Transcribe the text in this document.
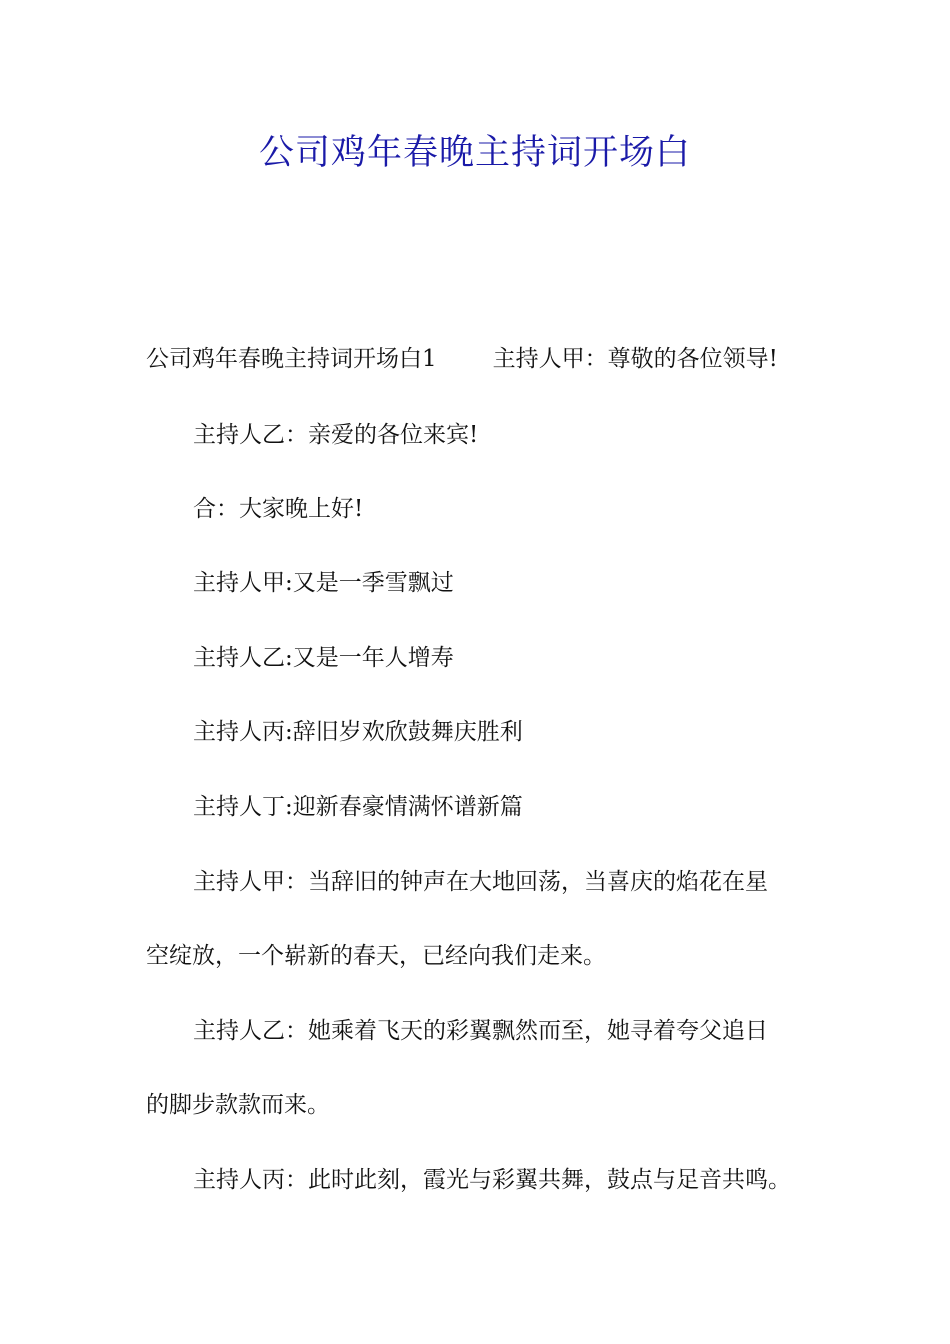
公司鸡年春晚主持词开场白

公司鸡年春晚主持词开场白1 主持人甲：尊敬的各位领导!

主持人乙：亲爱的各位来宾!

合：大家晚上好!

主持人甲:又是一季雪飘过

主持人乙:又是一年人增寿

主持人丙:辞旧岁欢欣鼓舞庆胜利

主持人丁:迎新春豪情满怀谱新篇

主持人甲：当辞旧的钟声在大地回荡，当喜庆的焰花在星

空绽放，一个崭新的春天，已经向我们走来。

主持人乙：她乘着飞天的彩翼飘然而至，她寻着夸父追日

的脚步款款而来。

主持人丙：此时此刻，霞光与彩翼共舞，鼓点与足音共鸣。
